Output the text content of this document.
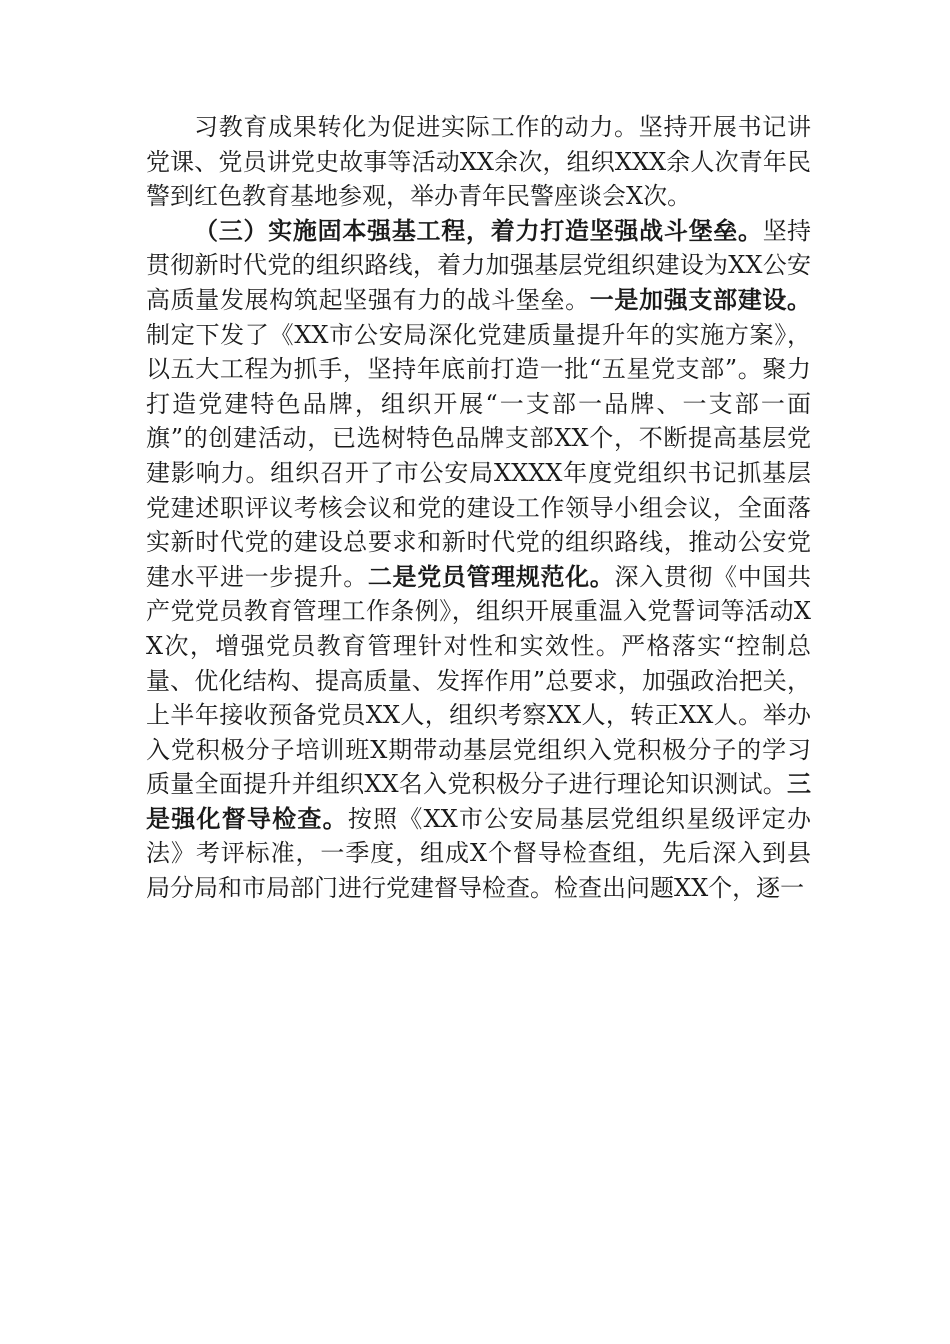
习教育成果转化为促进实际工作的动力。坚持开展书记讲党课、党员讲党史故事等活动XX余次，组织XXX余人次青年民警到红色教育基地参观，举办青年民警座谈会X次。

（三）实施固本强基工程，着力打造坚强战斗堡垒。坚持贯彻新时代党的组织路线，着力加强基层党组织建设为XX公安高质量发展构筑起坚强有力的战斗堡垒。一是加强支部建设。制定下发了《XX市公安局深化党建质量提升年的实施方案》，以五大工程为抓手，坚持年底前打造一批“五星党支部”。聚力打造党建特色品牌，组织开展“一支部一品牌、一支部一面旗”的创建活动，已选树特色品牌支部XX个，不断提高基层党建影响力。组织召开了市公安局XXXX年度党组织书记抓基层党建述职评议考核会议和党的建设工作领导小组会议，全面落实新时代党的建设总要求和新时代党的组织路线，推动公安党建水平进一步提升。二是党员管理规范化。深入贯彻《中国共产党党员教育管理工作条例》，组织开展重温入党誓词等活动XX次，增强党员教育管理针对性和实效性。严格落实“控制总量、优化结构、提高质量、发挥作用”总要求，加强政治把关，上半年接收预备党员XX人，组织考察XX人，转正XX人。举办入党积极分子培训班X期带动基层党组织入党积极分子的学习质量全面提升并组织XX名入党积极分子进行理论知识测试。三是强化督导检查。按照《XX市公安局基层党组织星级评定办法》考评标准，一季度，组成X个督导检查组，先后深入到县局分局和市局部门进行党建督导检查。检查出问题XX个，逐一
